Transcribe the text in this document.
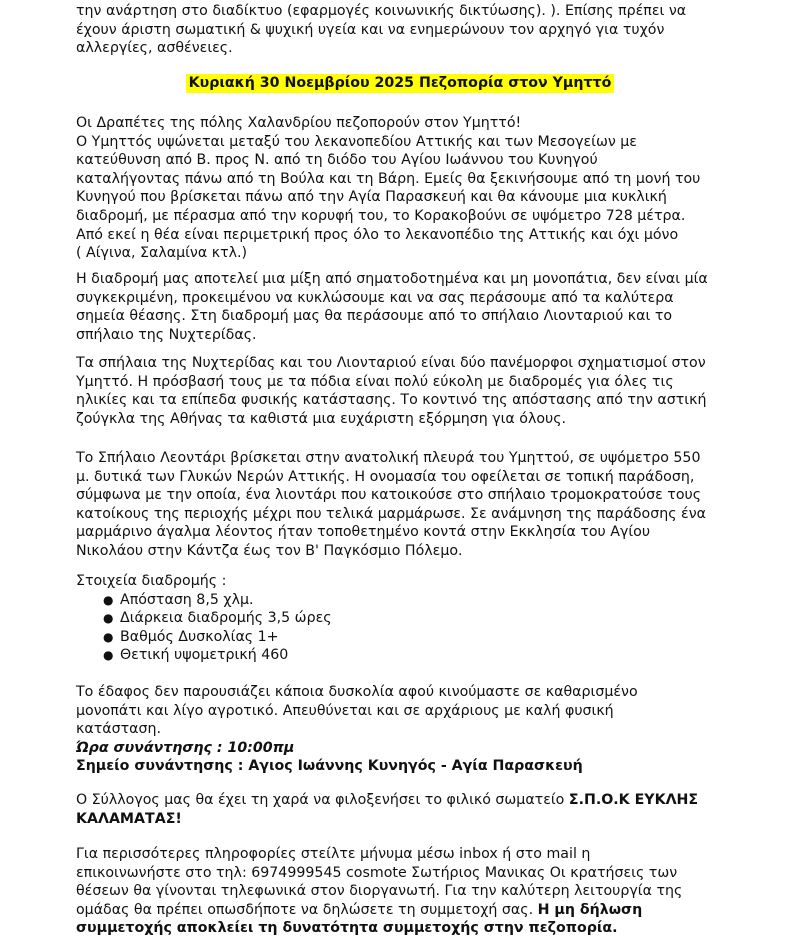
την ανάρτηση στο διαδίκτυο (εφαρμογές κοινωνικής δικτύωσης). ). Επίσης πρέπει να

έχουν άριστη σωματική & ψυχική υγεία και να ενημερώνουν τον αρχηγό για τυχόν

αλλεργίες, ασθένειες.

Κυριακή 30 Νοεμβρίου 2025 Πεζοπορία στον Υμηττό

Οι Δραπέτες της πόλης Χαλανδρίου πεζοπορούν στον Υμηττό!

Ο Υμηττός υψώνεται μεταξύ του λεκανοπεδίου Αττικής και των Μεσογείων με

κατεύθυνση από Β. προς Ν. από τη διόδο του Αγίου Ιωάννου του Κυνηγού

καταλήγοντας πάνω από τη Βούλα και τη Βάρη. Εμείς θα ξεκινήσουμε από τη μονή του

Κυνηγού που βρίσκεται πάνω από την Αγία Παρασκευή και θα κάνουμε μια κυκλική

διαδρομή, με πέρασμα από την κορυφή του, το Κορακοβούνι σε υψόμετρο 728 μέτρα.

Από εκεί η θέα είναι περιμετρική προς όλο το λεκανοπέδιο της Αττικής και όχι μόνο

( Αίγινα, Σαλαμίνα κτλ.)

Η διαδρομή μας αποτελεί μια μίξη από σηματοδοτημένα και μη μονοπάτια, δεν είναι μία

συγκεκριμένη, προκειμένου να κυκλώσουμε και να σας περάσουμε από τα καλύτερα

σημεία θέασης. Στη διαδρομή μας θα περάσουμε από το σπήλαιο Λιονταριού και το

σπήλαιο της Νυχτερίδας.

Τα σπήλαια της Νυχτερίδας και του Λιονταριού είναι δύο πανέμορφοι σχηματισμοί στον

Υμηττό. Η πρόσβασή τους με τα πόδια είναι πολύ εύκολη με διαδρομές για όλες τις

ηλικίες και τα επίπεδα φυσικής κατάστασης. Το κοντινό της απόστασης από την αστική

ζούγκλα της Αθήνας τα καθιστά μια ευχάριστη εξόρμηση για όλους.

Το Σπήλαιο Λεοντάρι βρίσκεται στην ανατολική πλευρά του Υμηττού, σε υψόμετρο 550

μ. δυτικά των Γλυκών Νερών Αττικής. Η ονομασία του οφείλεται σε τοπική παράδοση,

σύμφωνα με την οποία, ένα λιοντάρι που κατοικούσε στο σπήλαιο τρομοκρατούσε τους

κατοίκους της περιοχής μέχρι που τελικά μαρμάρωσε. Σε ανάμνηση της παράδοσης ένα

μαρμάρινο άγαλμα λέοντος ήταν τοποθετημένο κοντά στην Εκκλησία του Αγίου

Νικολάου στην Κάντζα έως τον Β' Παγκόσμιο Πόλεμο.

Στοιχεία διαδρομής :

● Απόσταση 8,5 χλμ.
● Διάρκεια διαδρομής 3,5 ώρες
● Βαθμός Δυσκολίας 1+
● Θετική υψομετρική 460

Το έδαφος δεν παρουσιάζει κάποια δυσκολία αφού κινούμαστε σε καθαρισμένο

μονοπάτι και λίγο αγροτικό. Απευθύνεται και σε αρχάριους με καλή φυσική

κατάσταση.

Ώρα συνάντησης : 10:00πμ

Σημείο συνάντησης : Αγιος Ιωάννης Κυνηγός - Αγία Παρασκευή

Ο Σύλλογος μας θα έχει τη χαρά να φιλοξενήσει το φιλικό σωματείο Σ.Π.Ο.Κ ΕΥΚΛΗΣ

ΚΑΛΑΜΑΤΑΣ!

Για περισσότερες πληροφορίες στείλτε μήνυμα μέσω inbox ή στο mail η

επικοινωνήστε στο τηλ: 6974999545 cosmote Σωτήριος Μανικας Οι κρατήσεις των

θέσεων θα γίνονται τηλεφωνικά στον διοργανωτή. Για την καλύτερη λειτουργία της

ομάδας θα πρέπει οπωσδήποτε να δηλώσετε τη συμμετοχή σας. Η μη δήλωση

συμμετοχής αποκλείει τη δυνατότητα συμμετοχής στην πεζοπορία.
